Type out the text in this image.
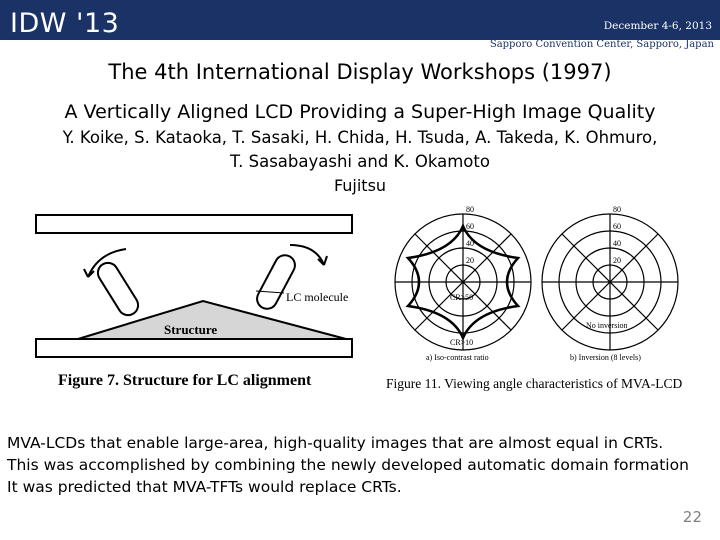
IDW '13	December 4-6, 2013
Sapporo Convention Center, Sapporo, Japan
The 4th International Display Workshops (1997)
A Vertically Aligned LCD Providing a Super-High Image Quality
Y. Koike, S. Kataoka, T. Sasaki, H. Chida, H. Tsuda, A. Takeda, K. Ohmuro,
T. Sasabayashi and K. Okamoto
Fujitsu
LC molecule
Structure
Figure 7. Structure for LC alignment
80
60
40
20
CR>50
CR>10
a) Iso-contrast ratio
80
60
40
20
No inversion
b) Inversion (8 levels)
Figure 11. Viewing angle characteristics of MVA-LCD
MVA-LCDs that enable large-area, high-quality images that are almost equal in CRTs.
This was accomplished by combining the newly developed automatic domain formation
It was predicted that MVA-TFTs would replace CRTs.
22
